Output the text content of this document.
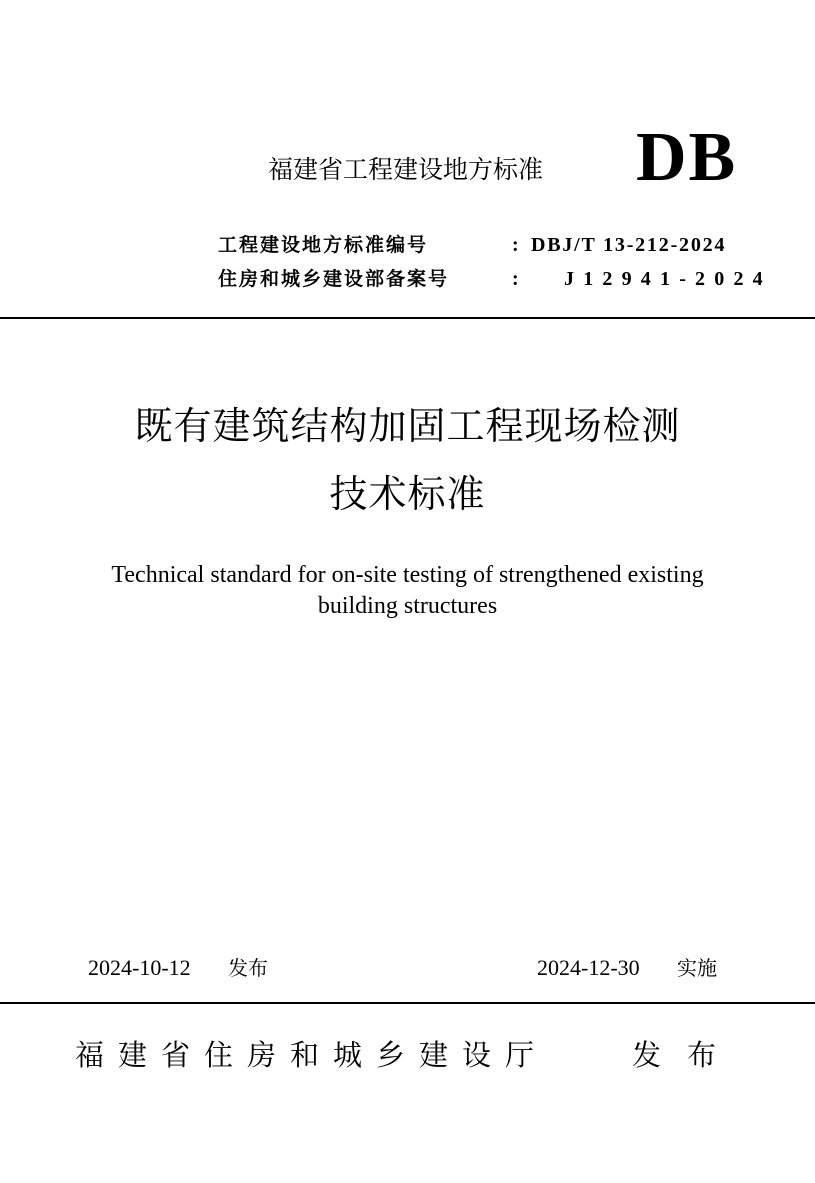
福建省工程建设地方标准 DB
工程建设地方标准编号	: DBJ/T 13-212-2024
住房和城乡建设部备案号	: J12941-2024
既有建筑结构加固工程现场检测
技术标准
Technical standard for on-site testing of strengthened existing
building structures
2024-10-12 发布	2024-12-30 实施
福建省住房和城乡建设厅	发布
